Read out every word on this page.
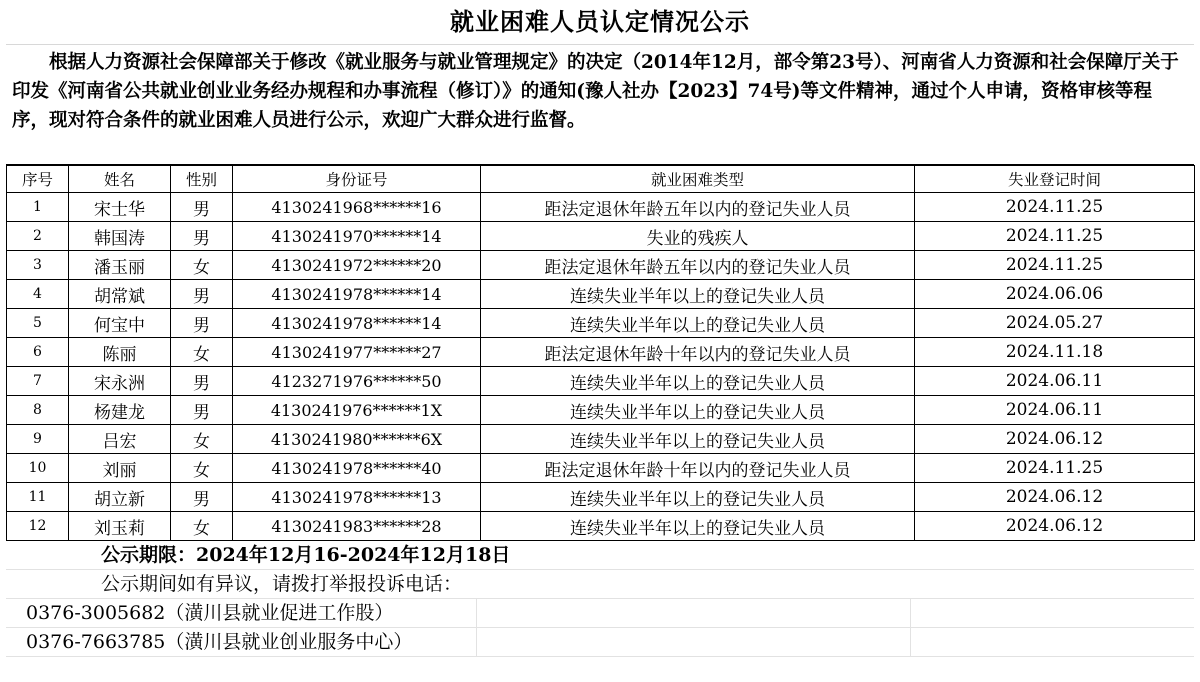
就业困难人员认定情况公示
根据人力资源社会保障部关于修改《就业服务与就业管理规定》的决定（2014年12月，部令第23号）、河南省人力资源和社会保障厅关于印发《河南省公共就业创业业务经办规程和办事流程（修订）》的通知(豫人社办【2023】74号)等文件精神，通过个人申请，资格审核等程序，现对符合条件的就业困难人员进行公示，欢迎广大群众进行监督。
序号	姓名	性别	身份证号	就业困难类型	失业登记时间
1	宋士华	男	4130241968******16	距法定退休年龄五年以内的登记失业人员	2024.11.25
2	韩国涛	男	4130241970******14	失业的残疾人	2024.11.25
3	潘玉丽	女	4130241972******20	距法定退休年龄五年以内的登记失业人员	2024.11.25
4	胡常斌	男	4130241978******14	连续失业半年以上的登记失业人员	2024.06.06
5	何宝中	男	4130241978******14	连续失业半年以上的登记失业人员	2024.05.27
6	陈丽	女	4130241977******27	距法定退休年龄十年以内的登记失业人员	2024.11.18
7	宋永洲	男	4123271976******50	连续失业半年以上的登记失业人员	2024.06.11
8	杨建龙	男	4130241976******1X	连续失业半年以上的登记失业人员	2024.06.11
9	吕宏	女	4130241980******6X	连续失业半年以上的登记失业人员	2024.06.12
10	刘丽	女	4130241978******40	距法定退休年龄十年以内的登记失业人员	2024.11.25
11	胡立新	男	4130241978******13	连续失业半年以上的登记失业人员	2024.06.12
12	刘玉莉	女	4130241983******28	连续失业半年以上的登记失业人员	2024.06.12
公示期限：2024年12月16-2024年12月18日
公示期间如有异议，请拨打举报投诉电话：
0376-3005682（潢川县就业促进工作股）
0376-7663785（潢川县就业创业服务中心）
